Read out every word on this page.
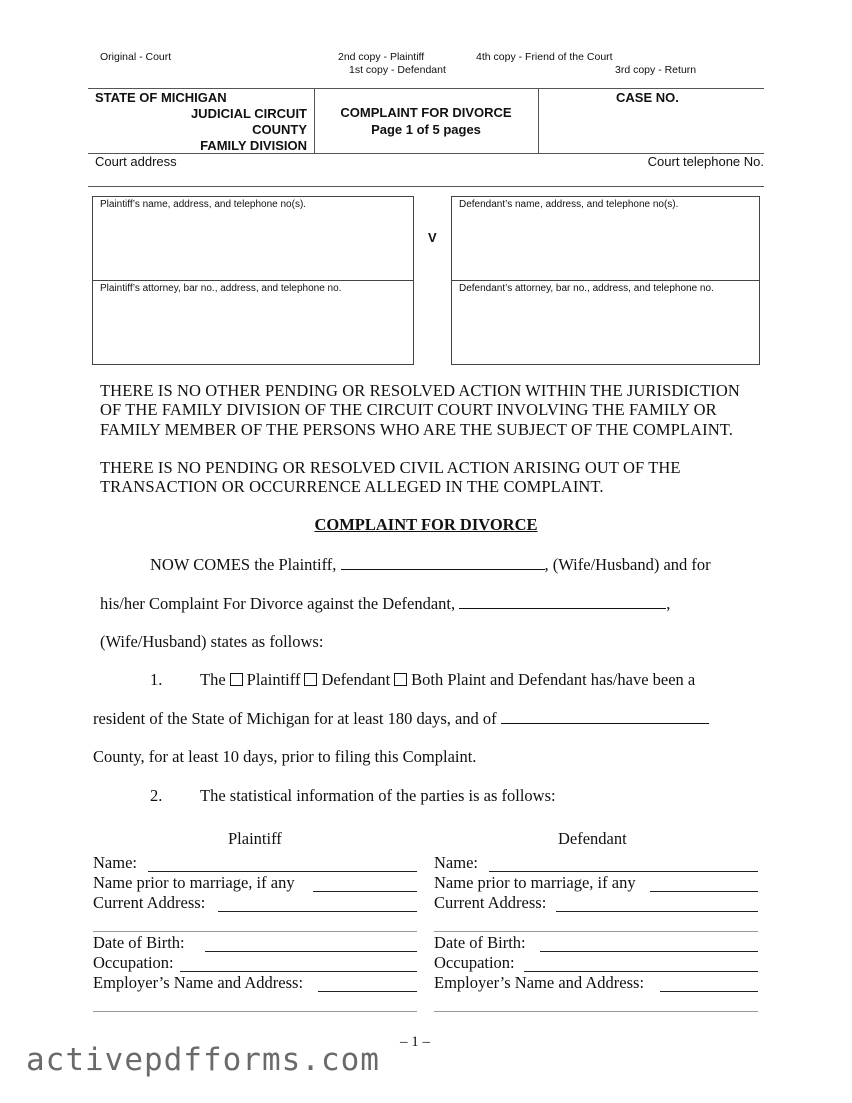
Original - Court	2nd copy - Plaintiff
1st copy - Defendant
4th copy - Friend of the Court
3rd copy - Return
STATE OF MICHIGAN
JUDICIAL CIRCUIT
COUNTY
FAMILY DIVISION
COMPLAINT FOR DIVORCE
Page 1 of 5 pages
CASE NO.
Court address	Court telephone No.
Plaintiff’s name, address, and telephone no(s).
Plaintiff’s attorney, bar no., address, and telephone no.
V
Defendant’s name, address, and telephone no(s).
Defendant’s attorney, bar no., address, and telephone no.
THERE IS NO OTHER PENDING OR RESOLVED ACTION WITHIN THE JURISDICTION
OF THE FAMILY DIVISION OF THE CIRCUIT COURT INVOLVING THE FAMILY OR
FAMILY MEMBER OF THE PERSONS WHO ARE THE SUBJECT OF THE COMPLAINT.
THERE IS NO PENDING OR RESOLVED CIVIL ACTION ARISING OUT OF THE
TRANSACTION OR OCCURRENCE ALLEGED IN THE COMPLAINT.
COMPLAINT FOR DIVORCE
NOW COMES the Plaintiff,	, (Wife/Husband) and for
his/her Complaint For Divorce against the Defendant,	,
(Wife/Husband) states as follows:
1. The Plaintiff Defendant Both Plaint and Defendant has/have been a
resident of the State of Michigan for at least 180 days, and of
County, for at least 10 days, prior to filing this Complaint.
2. The statistical information of the parties is as follows:
Plaintiff
Name:
Name prior to marriage, if any
Current Address:
Date of Birth:
Occupation:
Employer’s Name and Address:
Defendant
Name:
Name prior to marriage, if any
Current Address:
Date of Birth:
Occupation:
Employer’s Name and Address:
– 1 –
activepdfforms.com
